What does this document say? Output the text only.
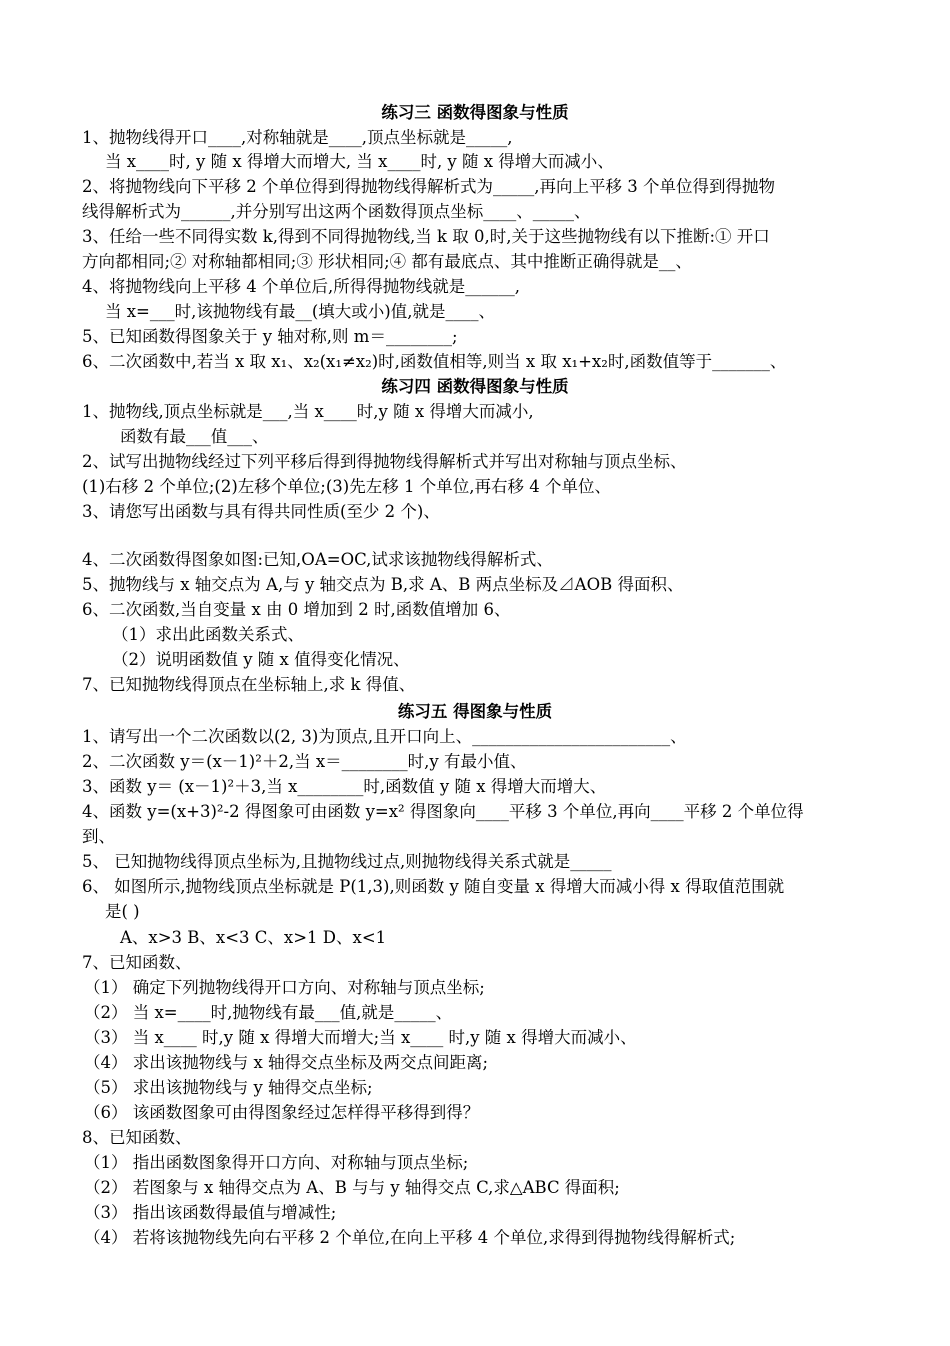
练习三 函数得图象与性质
1、抛物线得开口____,对称轴就是____,顶点坐标就是_____,
当 x____时, y 随 x 得增大而增大, 当 x____时, y 随 x 得增大而减小、
2、将抛物线向下平移 2 个单位得到得抛物线得解析式为_____,再向上平移 3 个单位得到得抛物
线得解析式为______,并分别写出这两个函数得顶点坐标____、_____、
3、任给一些不同得实数 k,得到不同得抛物线,当 k 取 0,时,关于这些抛物线有以下推断:① 开口
方向都相同;② 对称轴都相同;③ 形状相同;④ 都有最底点、其中推断正确得就是__、
4、将抛物线向上平移 4 个单位后,所得得抛物线就是______,
当 x=___时,该抛物线有最__(填大或小)值,就是____、
5、已知函数得图象关于 y 轴对称,则 m＝________;
6、二次函数中,若当 x 取 x₁、x₂(x₁≠x₂)时,函数值相等,则当 x 取 x₁+x₂时,函数值等于_______、
练习四 函数得图象与性质
1、抛物线,顶点坐标就是___,当 x____时,y 随 x 得增大而减小,
函数有最___值___、
2、试写出抛物线经过下列平移后得到得抛物线得解析式并写出对称轴与顶点坐标、
(1)右移 2 个单位;(2)左移个单位;(3)先左移 1 个单位,再右移 4 个单位、
3、请您写出函数与具有得共同性质(至少 2 个)、
4、二次函数得图象如图:已知,OA=OC,试求该抛物线得解析式、
5、抛物线与 x 轴交点为 A,与 y 轴交点为 B,求 A、B 两点坐标及⊿AOB 得面积、
6、二次函数,当自变量 x 由 0 增加到 2 时,函数值增加 6、
（1）求出此函数关系式、
（2）说明函数值 y 随 x 值得变化情况、
7、已知抛物线得顶点在坐标轴上,求 k 得值、
练习五 得图象与性质
1、请写出一个二次函数以(2, 3)为顶点,且开口向上、________________________、
2、二次函数 y＝(x－1)²＋2,当 x＝________时,y 有最小值、
3、函数 y＝ (x－1)²＋3,当 x________时,函数值 y 随 x 得增大而增大、
4、函数 y=(x+3)²-2 得图象可由函数 y=x² 得图象向____平移 3 个单位,再向____平移 2 个单位得
到、
5、 已知抛物线得顶点坐标为,且抛物线过点,则抛物线得关系式就是_____
6、 如图所示,抛物线顶点坐标就是 P(1,3),则函数 y 随自变量 x 得增大而减小得 x 得取值范围就
是( )
A、x>3 B、x<3 C、x>1 D、x<1
7、已知函数、
（1） 确定下列抛物线得开口方向、对称轴与顶点坐标;
（2） 当 x=____时,抛物线有最___值,就是_____、
（3） 当 x____ 时,y 随 x 得增大而增大;当 x____ 时,y 随 x 得增大而减小、
（4） 求出该抛物线与 x 轴得交点坐标及两交点间距离;
（5） 求出该抛物线与 y 轴得交点坐标;
（6） 该函数图象可由得图象经过怎样得平移得到得？
8、已知函数、
（1） 指出函数图象得开口方向、对称轴与顶点坐标;
（2） 若图象与 x 轴得交点为 A、B 与与 y 轴得交点 C,求△ABC 得面积;
（3） 指出该函数得最值与增减性;
（4） 若将该抛物线先向右平移 2 个单位,在向上平移 4 个单位,求得到得抛物线得解析式;
